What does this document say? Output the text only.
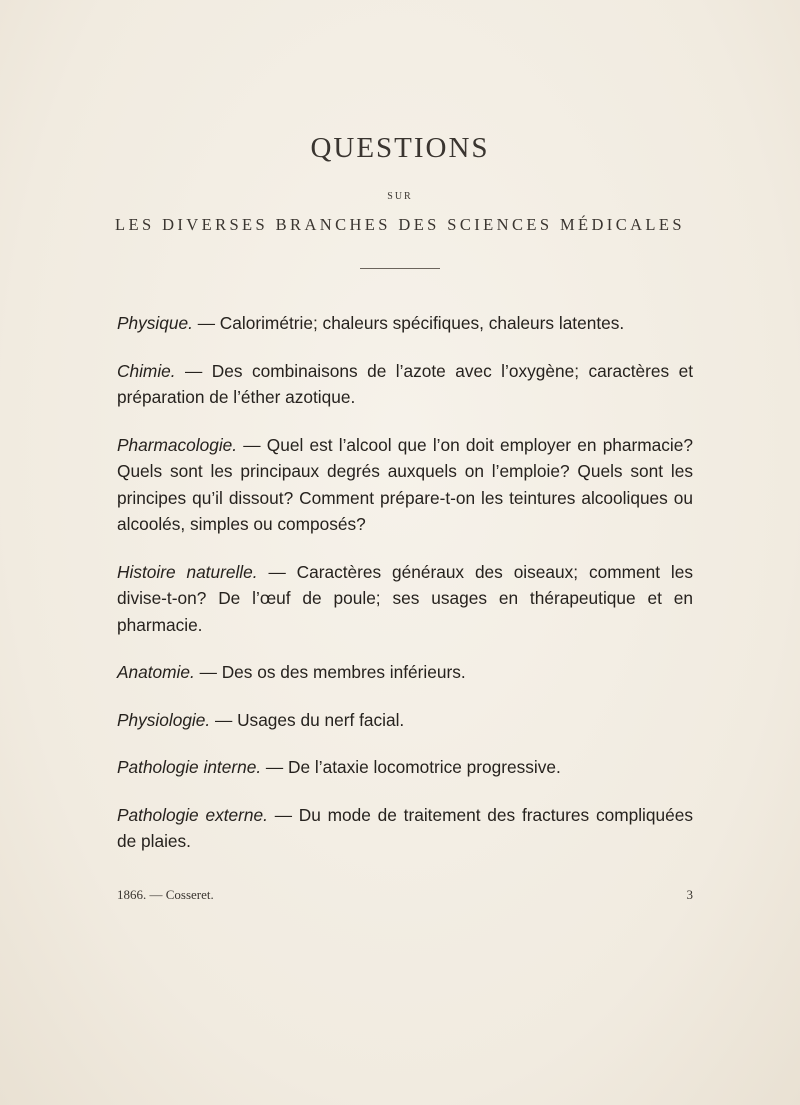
QUESTIONS
SUR
LES DIVERSES BRANCHES DES SCIENCES MÉDICALES

Physique. — Calorimétrie; chaleurs spécifiques, chaleurs latentes.

Chimie. — Des combinaisons de l’azote avec l’oxygène; caractères et préparation de l’éther azotique.

Pharmacologie. — Quel est l’alcool que l’on doit employer en pharmacie? Quels sont les principaux degrés auxquels on l’emploie? Quels sont les principes qu’il dissout? Comment prépare-t-on les teintures alcooliques ou alcoolés, simples ou composés?

Histoire naturelle. — Caractères généraux des oiseaux; comment les divise-t-on? De l’œuf de poule; ses usages en thérapeutique et en pharmacie.

Anatomie. — Des os des membres inférieurs.

Physiologie. — Usages du nerf facial.

Pathologie interne. — De l’ataxie locomotrice progressive.

Pathologie externe. — Du mode de traitement des fractures compliquées de plaies.

1866. — Cosseret.	3
